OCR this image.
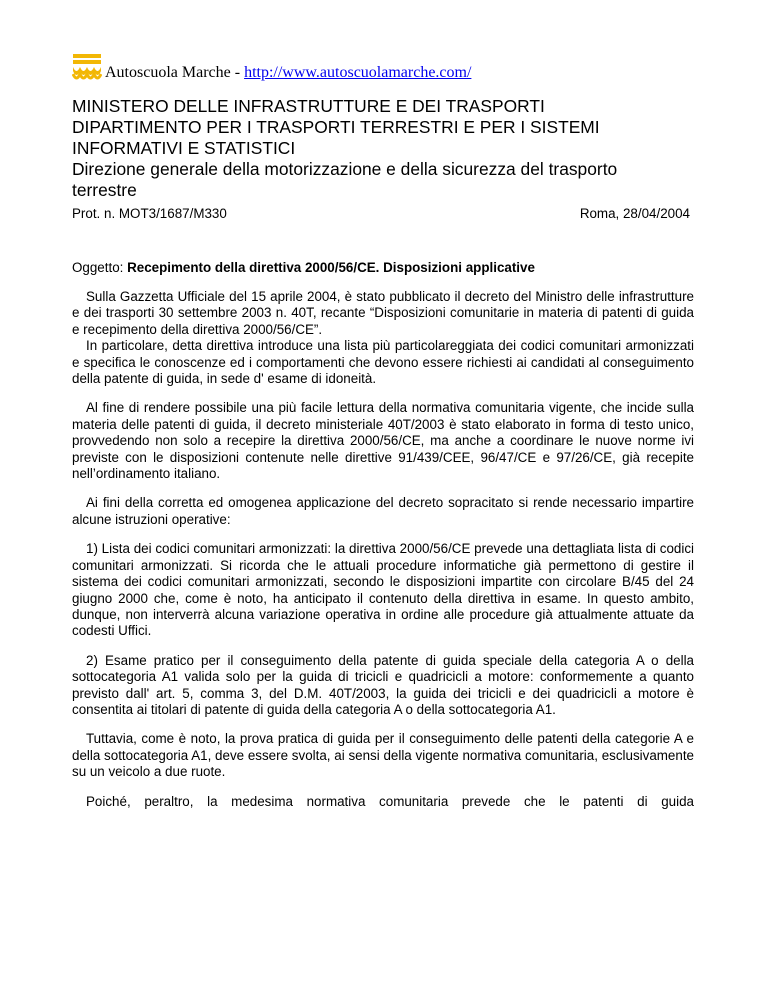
Autoscuola Marche - http://www.autoscuolamarche.com/
MINISTERO DELLE INFRASTRUTTURE E DEI TRASPORTI
DIPARTIMENTO PER I TRASPORTI TERRESTRI E PER I SISTEMI
INFORMATIVI E STATISTICI
Direzione generale della motorizzazione e della sicurezza del trasporto
terrestre
Prot. n. MOT3/1687/M330	Roma, 28/04/2004
Oggetto: Recepimento della direttiva 2000/56/CE. Disposizioni applicative

Sulla Gazzetta Ufficiale del 15 aprile 2004, è stato pubblicato il decreto del Ministro delle infrastrutture e dei trasporti 30 settembre 2003 n. 40T, recante “Disposizioni comunitarie in materia di patenti di guida e recepimento della direttiva 2000/56/CE”.

In particolare, detta direttiva introduce una lista più particolareggiata dei codici comunitari armonizzati e specifica le conoscenze ed i comportamenti che devono essere richiesti ai candidati al conseguimento della patente di guida, in sede d' esame di idoneità.

Al fine di rendere possibile una più facile lettura della normativa comunitaria vigente, che incide sulla materia delle patenti di guida, il decreto ministeriale 40T/2003 è stato elaborato in forma di testo unico, provvedendo non solo a recepire la direttiva 2000/56/CE, ma anche a coordinare le nuove norme ivi previste con le disposizioni contenute nelle direttive 91/439/CEE, 96/47/CE e 97/26/CE, già recepite nell’ordinamento italiano.

Ai fini della corretta ed omogenea applicazione del decreto sopracitato si rende necessario impartire alcune istruzioni operative:

1) Lista dei codici comunitari armonizzati: la direttiva 2000/56/CE prevede una dettagliata lista di codici comunitari armonizzati. Si ricorda che le attuali procedure informatiche già permettono di gestire il sistema dei codici comunitari armonizzati, secondo le disposizioni impartite con circolare B/45 del 24 giugno 2000 che, come è noto, ha anticipato il contenuto della direttiva in esame. In questo ambito, dunque, non interverrà alcuna variazione operativa in ordine alle procedure già attualmente attuate da codesti Uffici.

2) Esame pratico per il conseguimento della patente di guida speciale della categoria A o della sottocategoria A1 valida solo per la guida di tricicli e quadricicli a motore: conformemente a quanto previsto dall' art. 5, comma 3, del D.M. 40T/2003, la guida dei tricicli e dei quadricicli a motore è consentita ai titolari di patente di guida della categoria A o della sottocategoria A1.

Tuttavia, come è noto, la prova pratica di guida per il conseguimento delle patenti della categorie A e della sottocategoria A1, deve essere svolta, ai sensi della vigente normativa comunitaria, esclusivamente su un veicolo a due ruote.

Poiché, peraltro, la medesima normativa comunitaria prevede che le patenti di guida
